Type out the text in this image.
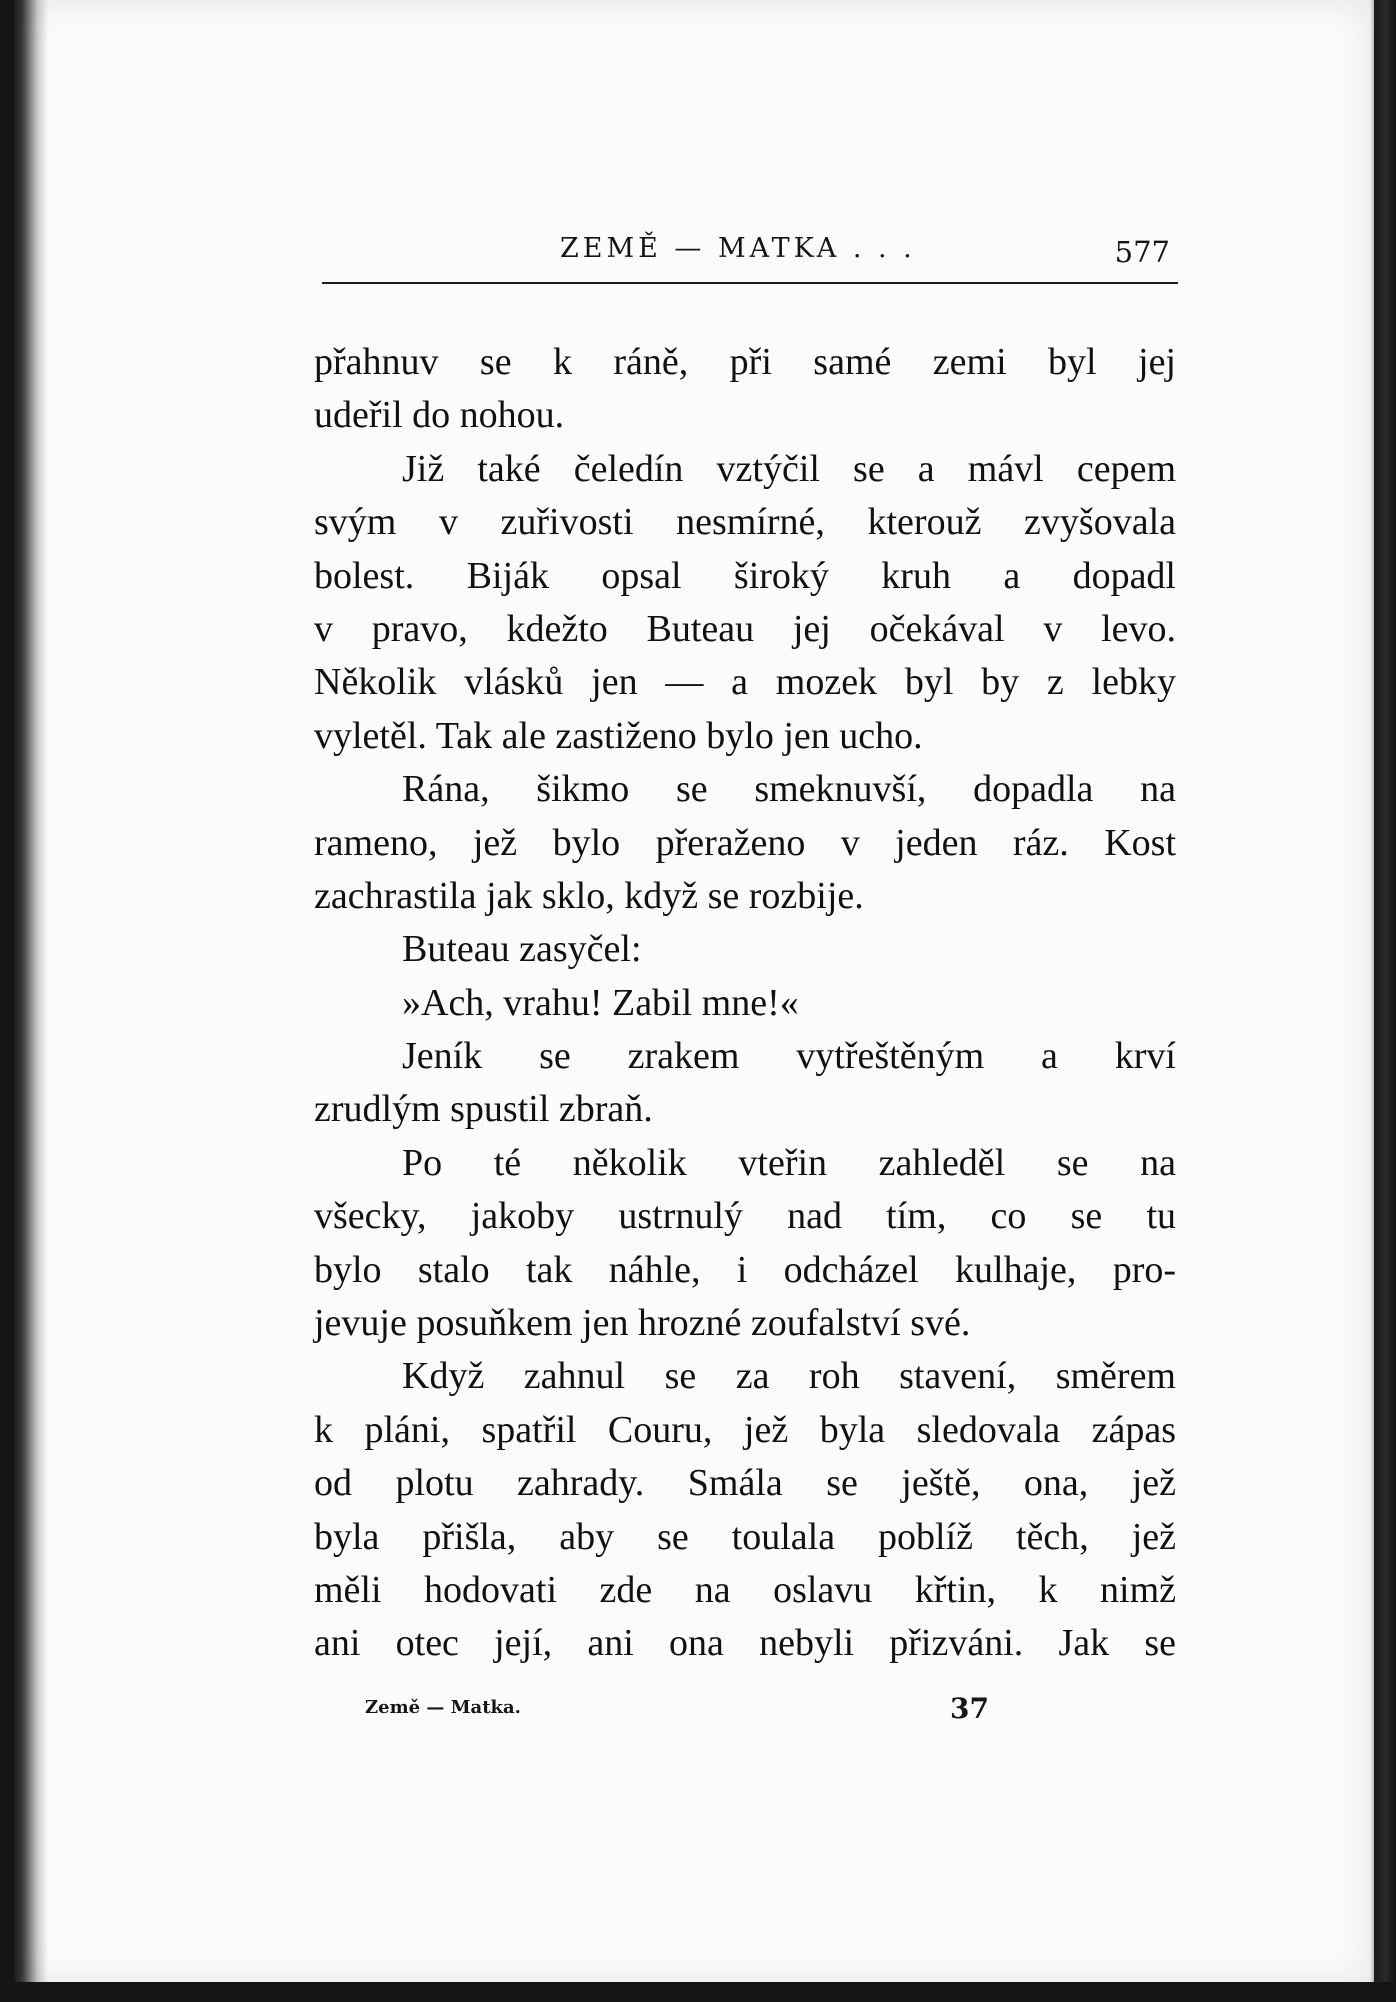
ZEMĚ — MATKA . . .	577
přahnuv se k ráně, při samé zemi byl jej
udeřil do nohou.
Již také čeledín vztýčil se a mávl cepem
svým v zuřivosti nesmírné, kterouž zvyšovala
bolest. Biják opsal široký kruh a dopadl
v pravo, kdežto Buteau jej očekával v levo.
Několik vlásků jen — a mozek byl by z lebky
vyletěl. Tak ale zastiženo bylo jen ucho.
Rána, šikmo se smeknuvší, dopadla na
rameno, jež bylo přeraženo v jeden ráz. Kost
zachrastila jak sklo, když se rozbije.
Buteau zasyčel:
»Ach, vrahu! Zabil mne!«
Jeník se zrakem vytřeštěným a krví
zrudlým spustil zbraň.
Po té několik vteřin zahleděl se na
všecky, jakoby ustrnulý nad tím, co se tu
bylo stalo tak náhle, i odcházel kulhaje, pro-
jevuje posuňkem jen hrozné zoufalství své.
Když zahnul se za roh stavení, směrem
k pláni, spatřil Couru, jež byla sledovala zápas
od plotu zahrady. Smála se ještě, ona, jež
byla přišla, aby se toulala poblíž těch, jež
měli hodovati zde na oslavu křtin, k nimž
ani otec její, ani ona nebyli přizváni. Jak se
Země — Matka.	37
